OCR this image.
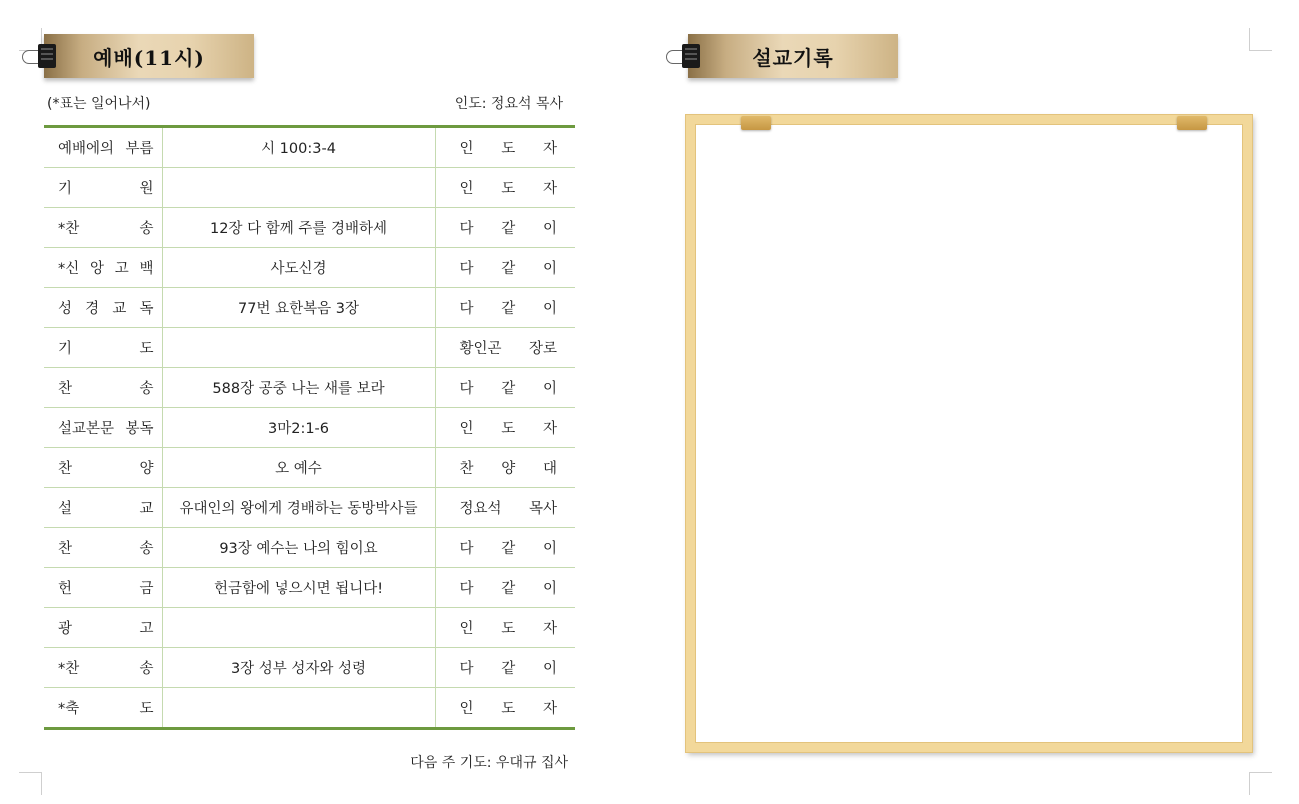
예배(11시)
(*표는 일어나서)	인도: 정요석 목사
예배에의 부름	시 100:3-4	인 도 자

기 원		인 도 자

*찬 송	12장 다 함께 주를 경배하세	다 같 이

*신 앙 고 백	사도신경	다 같 이

성 경 교 독	77번 요한복음 3장	다 같 이

기 도		황인곤 장로

찬 송	588장 공중 나는 새를 보라	다 같 이

설교본문 봉독	3마2:1-6	인 도 자

찬 양	오 예수	찬 양 대

설 교	유대인의 왕에게 경배하는 동방박사들	정요석 목사

찬 송	93장 예수는 나의 힘이요	다 같 이

헌 금	헌금함에 넣으시면 됩니다!	다 같 이

광 고		인 도 자

*찬 송	3장 성부 성자와 성령	다 같 이

*축 도		인 도 자
다음 주 기도: 우대규 집사
설교기록
